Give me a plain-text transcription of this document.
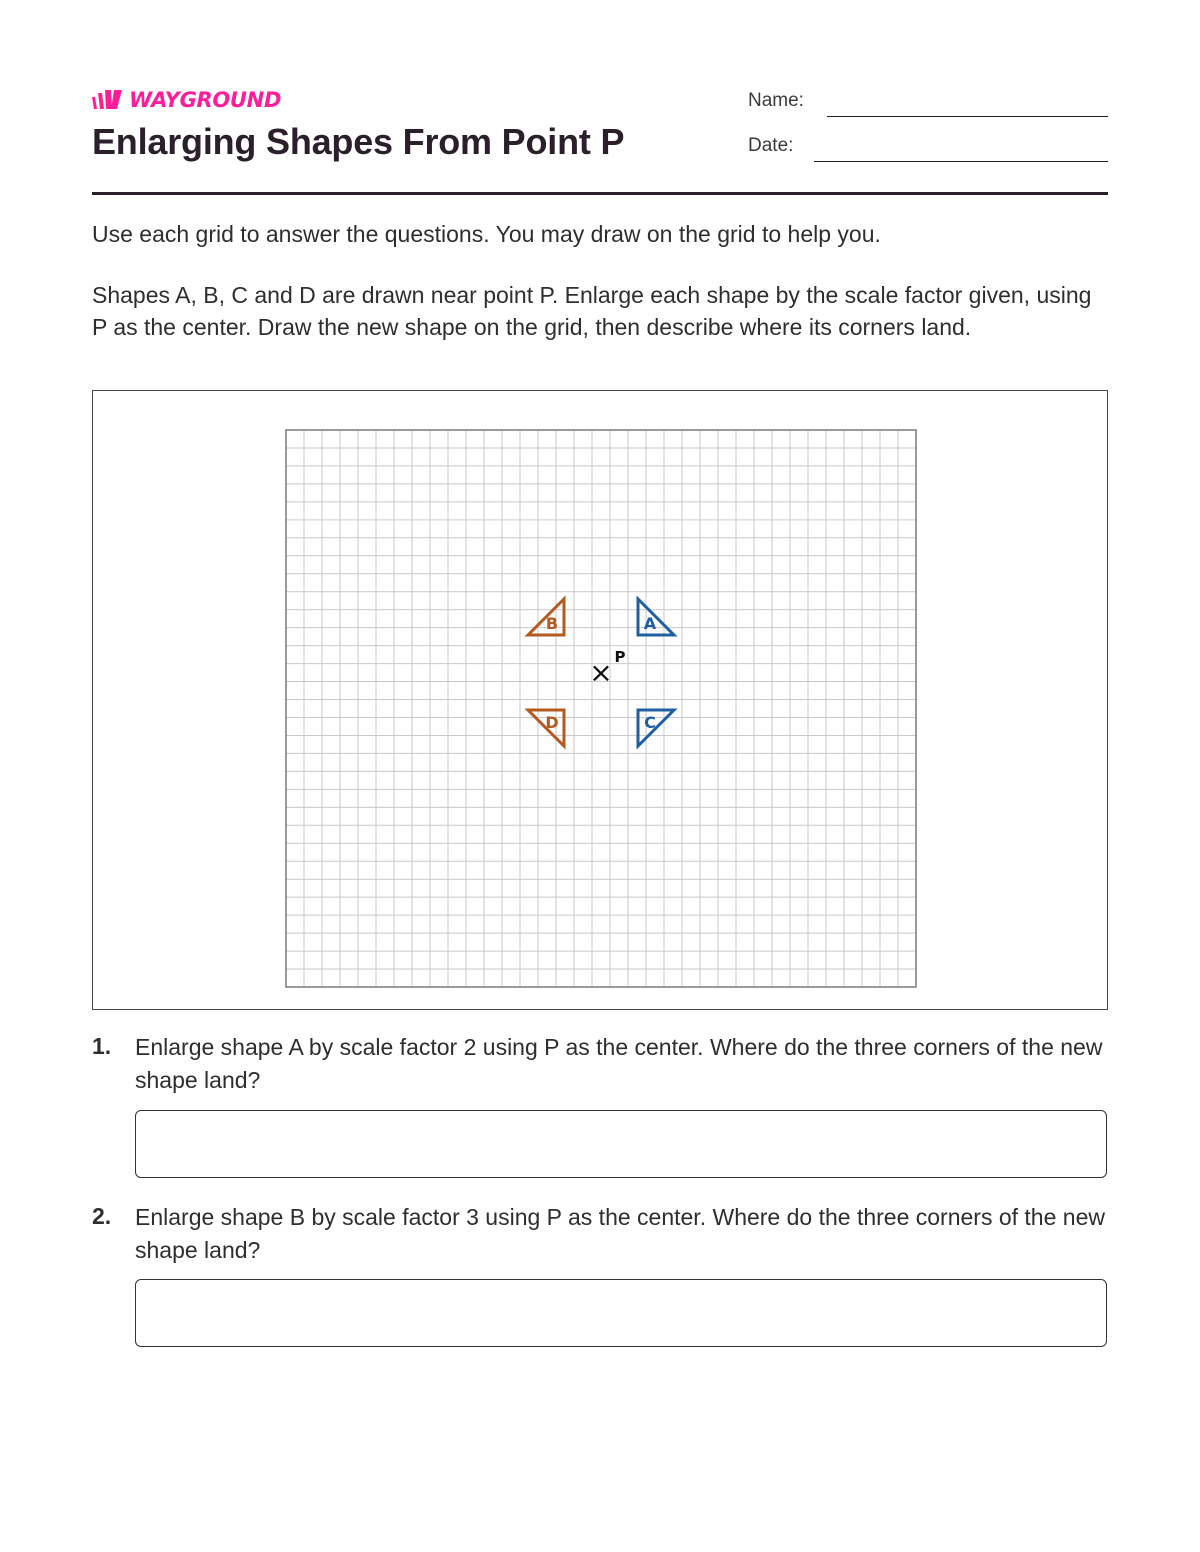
WAYGROUND
Enlarging Shapes From Point P
Name:
Date:

Use each grid to answer the questions. You may draw on the grid to help you.

Shapes A, B, C and D are drawn near point P. Enlarge each shape by the scale factor given, using P as the center. Draw the new shape on the grid, then describe where its corners land.

A
B
C
D
× P
1. Enlarge shape A by scale factor 2 using P as the center. Where do the three corners of the new shape land?

2. Enlarge shape B by scale factor 3 using P as the center. Where do the three corners of the new shape land?
